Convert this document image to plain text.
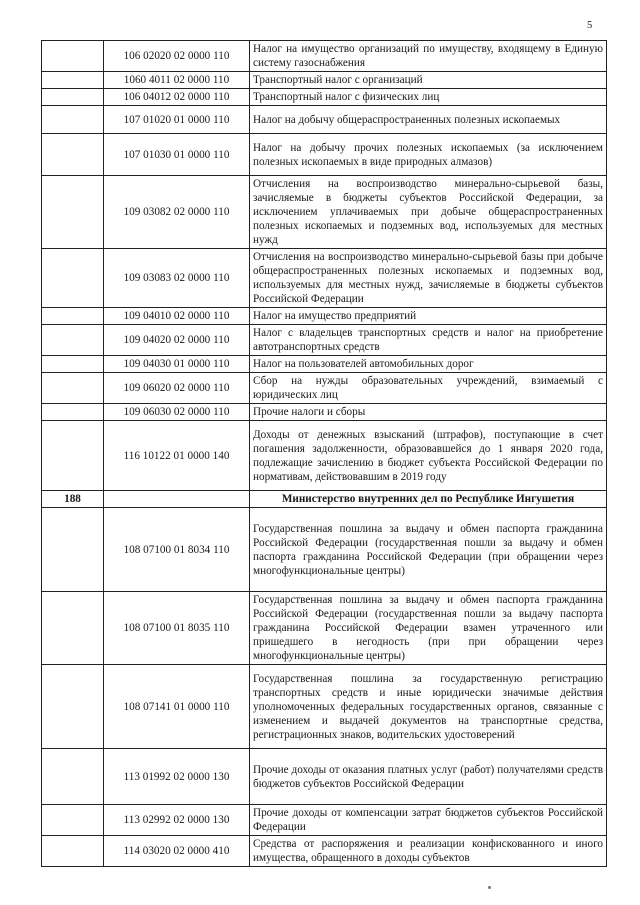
5
	106 02020 02 0000 110	Налог на имущество организаций по имуществу, входящему в Единую систему газоснабжения
	1060 4011 02 0000 110	Транспортный налог с организаций
	106 04012 02 0000 110	Транспортный налог с физических лиц
	107 01020 01 0000 110	Налог на добычу общераспространенных полезных ископаемых
	107 01030 01 0000 110	Налог на добычу прочих полезных ископаемых (за исключением полезных ископаемых в виде природных алмазов)
	109 03082 02 0000 110	Отчисления на воспроизводство минерально-сырьевой базы, зачисляемые в бюджеты субъектов Российской Федерации, за исключением уплачиваемых при добыче общераспространенных полезных ископаемых и подземных вод, используемых для местных нужд
	109 03083 02 0000 110	Отчисления на воспроизводство минерально-сырьевой базы при добыче общераспространенных полезных ископаемых и подземных вод, используемых для местных нужд, зачисляемые в бюджеты субъектов Российской Федерации
	109 04010 02 0000 110	Налог на имущество предприятий
	109 04020 02 0000 110	Налог с владельцев транспортных средств и налог на приобретение автотранспортных средств
	109 04030 01 0000 110	Налог на пользователей автомобильных дорог
	109 06020 02 0000 110	Сбор на нужды образовательных учреждений, взимаемый с юридических лиц
	109 06030 02 0000 110	Прочие налоги и сборы
	116 10122 01 0000 140	Доходы от денежных взысканий (штрафов), поступающие в счет погашения задолженности, образовавшейся до 1 января 2020 года, подлежащие зачислению в бюджет субъекта Российской Федерации по нормативам, действовавшим в 2019 году
188		Министерство внутренних дел по Республике Ингушетия
	108 07100 01 8034 110	Государственная пошлина за выдачу и обмен паспорта гражданина Российской Федерации (государственная пошли за выдачу и обмен паспорта гражданина Российской Федерации (при обращении через многофункциональные центры)
	108 07100 01 8035 110	Государственная пошлина за выдачу и обмен паспорта гражданина Российской Федерации (государственная пошли за выдачу паспорта гражданина Российской Федерации взамен утраченного или пришедшего в негодность (при при обращении через многофункциональные центры)
	108 07141 01 0000 110	Государственная пошлина за государственную регистрацию транспортных средств и иные юридически значимые действия уполномоченных федеральных государственных органов, связанные с изменением и выдачей документов на транспортные средства, регистрационных знаков, водительских удостоверений
	113 01992 02 0000 130	Прочие доходы от оказания платных услуг (работ) получателями средств бюджетов субъектов Российской Федерации
	113 02992 02 0000 130	Прочие доходы от компенсации затрат бюджетов субъектов Российской Федерации
	114 03020 02 0000 410	Средства от распоряжения и реализации конфискованного и иного имущества, обращенного в доходы субъектов
